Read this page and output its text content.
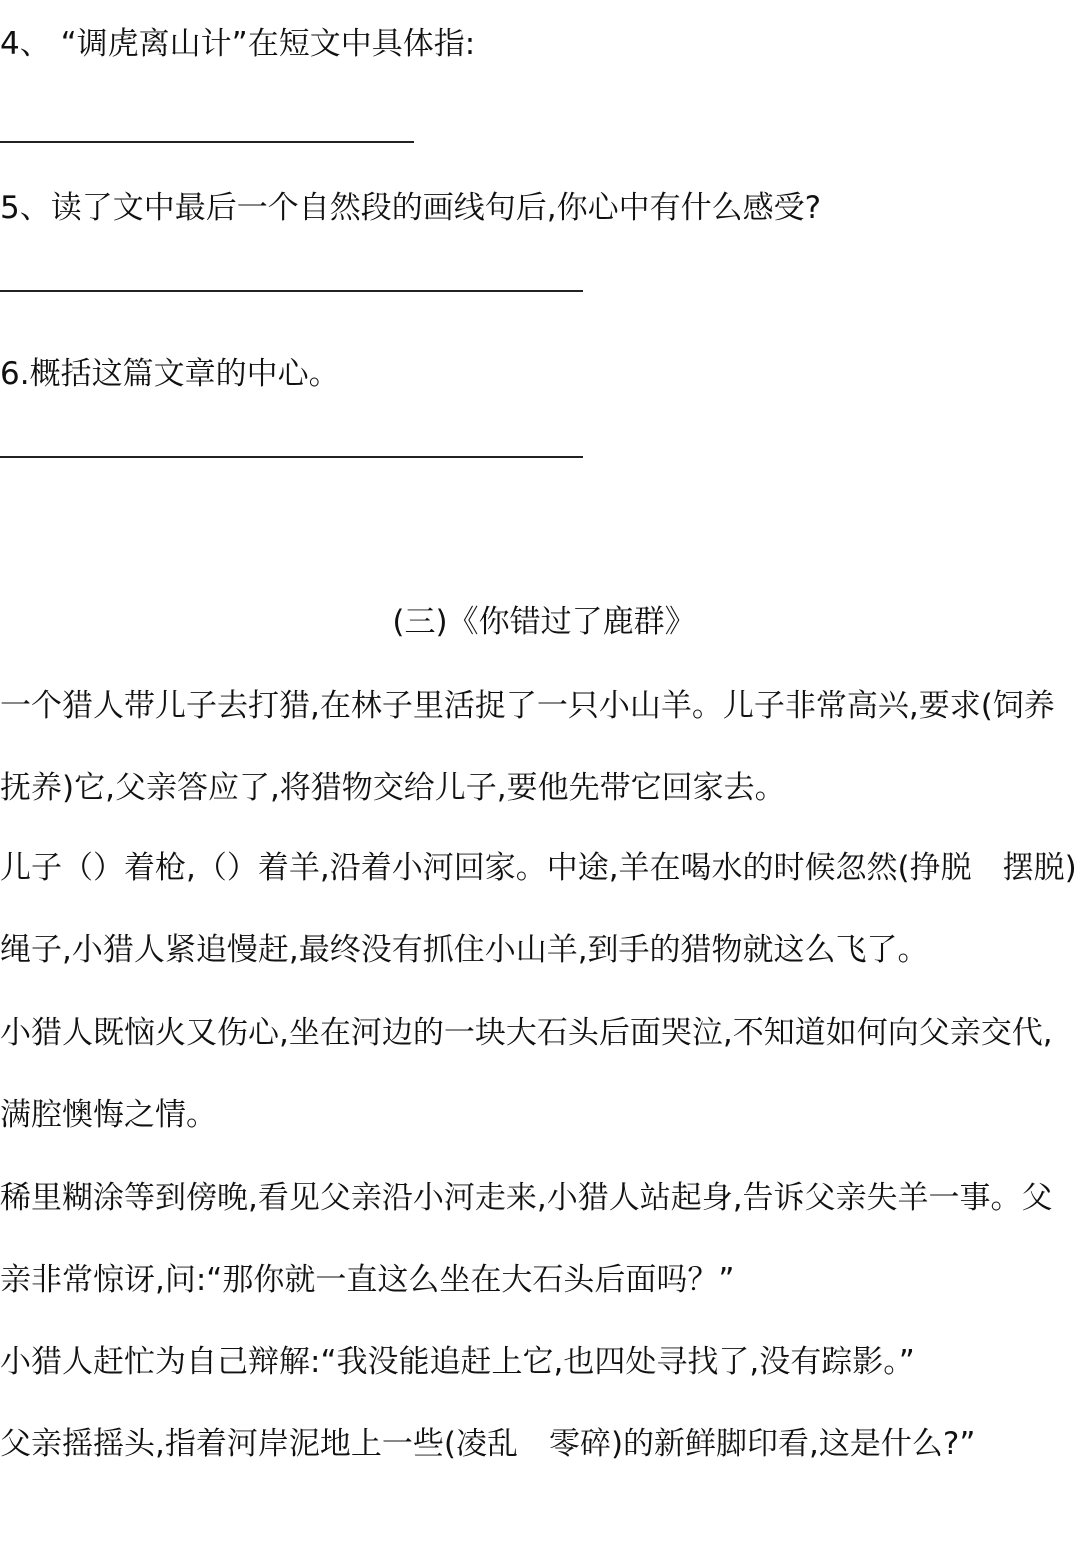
4、 “调虎离山计”在短文中具体指:
5、读了文中最后一个自然段的画线句后,你心中有什么感受?
6.概括这篇文章的中心。
(三)《你错过了鹿群》
一个猎人带儿子去打猎,在林子里活捉了一只小山羊。儿子非常高兴,要求(饲养
抚养)它,父亲答应了,将猎物交给儿子,要他先带它回家去。
儿子（）着枪,（）着羊,沿着小河回家。中途,羊在喝水的时候忽然(挣脱　摆脱)
绳子,小猎人紧追慢赶,最终没有抓住小山羊,到手的猎物就这么飞了。
小猎人既恼火又伤心,坐在河边的一块大石头后面哭泣,不知道如何向父亲交代,
满腔懊悔之情。
稀里糊涂等到傍晚,看见父亲沿小河走来,小猎人站起身,告诉父亲失羊一事。父
亲非常惊讶,问:“那你就一直这么坐在大石头后面吗？”
小猎人赶忙为自己辩解:“我没能追赶上它,也四处寻找了,没有踪影。”
父亲摇摇头,指着河岸泥地上一些(凌乱　零碎)的新鲜脚印看,这是什么?”
